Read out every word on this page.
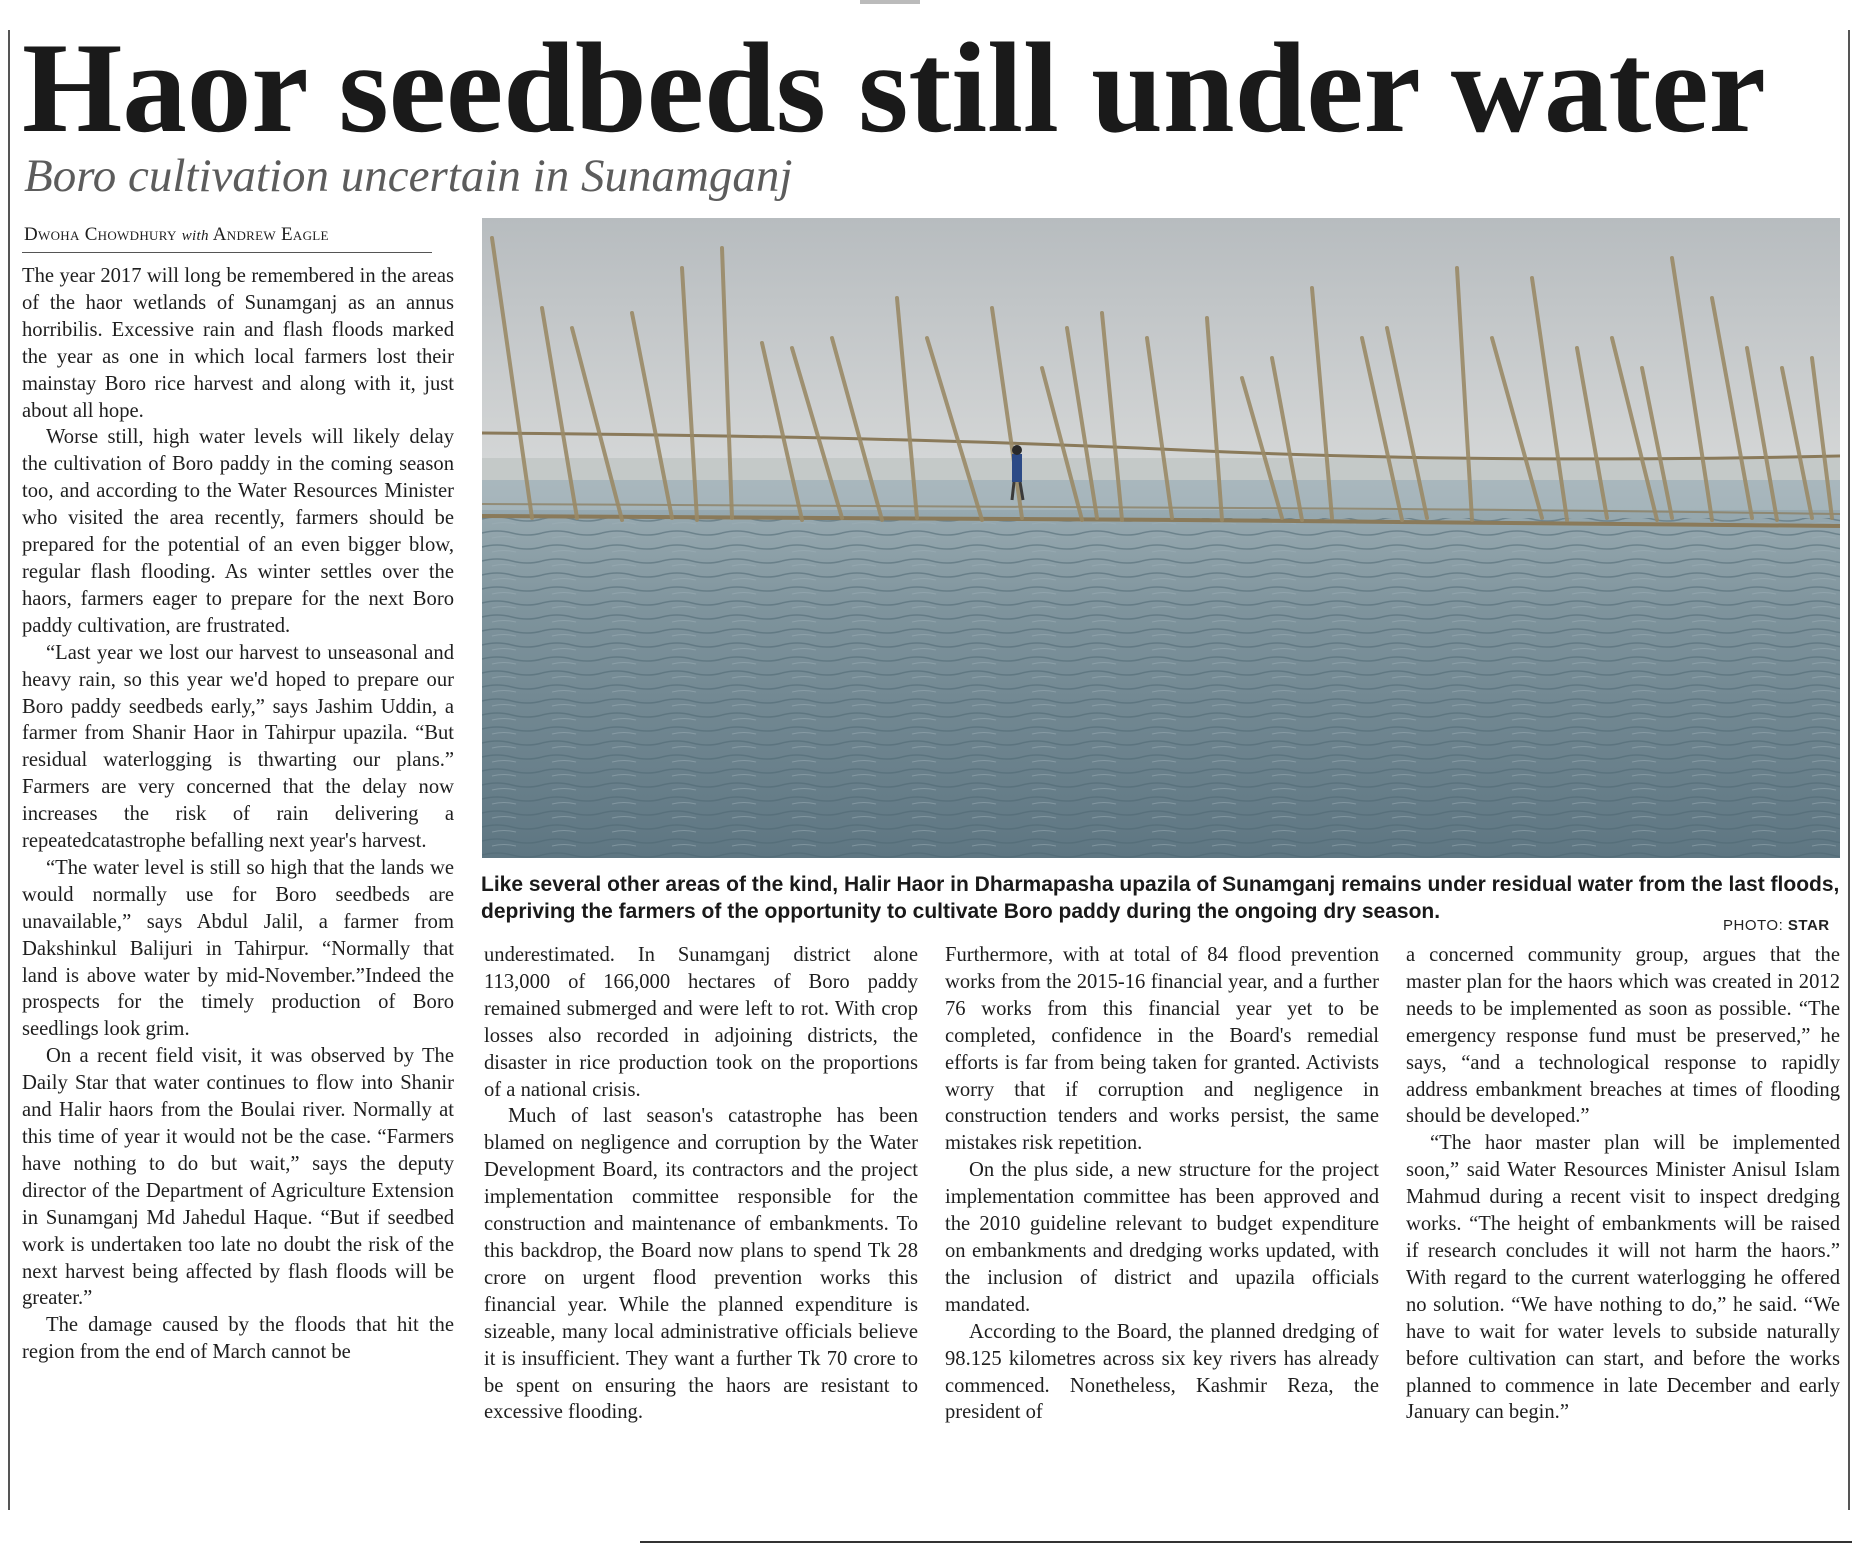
Haor seedbeds still under water
Boro cultivation uncertain in Sunamganj
Dwoha Chowdhury with Andrew Eagle

The year 2017 will long be remembered in the areas of the haor wetlands of Sunamganj as an annus horribilis. Excessive rain and flash floods marked the year as one in which local farmers lost their mainstay Boro rice harvest and along with it, just about all hope.

Worse still, high water levels will likely delay the cultivation of Boro paddy in the coming season too, and according to the Water Resources Minister who visited the area recently, farmers should be prepared for the potential of an even bigger blow, regular flash flooding. As winter settles over the haors, farmers eager to prepare for the next Boro paddy cultivation, are frustrated.

“Last year we lost our harvest to unseasonal and heavy rain, so this year we'd hoped to prepare our Boro paddy seedbeds early,” says Jashim Uddin, a farmer from Shanir Haor in Tahirpur upazila. “But residual waterlogging is thwarting our plans.” Farmers are very concerned that the delay now increases the risk of rain delivering a repeatedcatastrophe befalling next year's harvest.

“The water level is still so high that the lands we would normally use for Boro seedbeds are unavailable,” says Abdul Jalil, a farmer from Dakshinkul Balijuri in Tahirpur. “Normally that land is above water by mid-November.”Indeed the prospects for the timely production of Boro seedlings look grim.

On a recent field visit, it was observed by The Daily Star that water continues to flow into Shanir and Halir haors from the Boulai river. Normally at this time of year it would not be the case. “Farmers have nothing to do but wait,” says the deputy director of the Department of Agriculture Extension in Sunamganj Md Jahedul Haque. “But if seedbed work is undertaken too late no doubt the risk of the next harvest being affected by flash floods will be greater.”

The damage caused by the floods that hit the region from the end of March cannot be

Like several other areas of the kind, Halir Haor in Dharmapasha upazila of Sunamganj remains under residual water from the last floods, depriving the farmers of the opportunity to cultivate Boro paddy during the ongoing dry season.
PHOTO: STAR

underestimated. In Sunamganj district alone 113,000 of 166,000 hectares of Boro paddy remained submerged and were left to rot. With crop losses also recorded in adjoining districts, the disaster in rice production took on the proportions of a national crisis.

Much of last season's catastrophe has been blamed on negligence and corruption by the Water Development Board, its contractors and the project implementation committee responsible for the construction and maintenance of embankments. To this backdrop, the Board now plans to spend Tk 28 crore on urgent flood prevention works this financial year. While the planned expenditure is sizeable, many local administrative officials believe it is insufficient. They want a further Tk 70 crore to be spent on ensuring the haors are resistant to excessive flooding.

Furthermore, with at total of 84 flood prevention works from the 2015-16 financial year, and a further 76 works from this financial year yet to be completed, confidence in the Board's remedial efforts is far from being taken for granted. Activists worry that if corruption and negligence in construction tenders and works persist, the same mistakes risk repetition.

On the plus side, a new structure for the project implementation committee has been approved and the 2010 guideline relevant to budget expenditure on embankments and dredging works updated, with the inclusion of district and upazila officials mandated.

According to the Board, the planned dredging of 98.125 kilometres across six key rivers has already commenced. Nonetheless, Kashmir Reza, the president of

a concerned community group, argues that the master plan for the haors which was created in 2012 needs to be implemented as soon as possible. “The emergency response fund must be preserved,” he says, “and a technological response to rapidly address embankment breaches at times of flooding should be developed.”

“The haor master plan will be implemented soon,” said Water Resources Minister Anisul Islam Mahmud during a recent visit to inspect dredging works. “The height of embankments will be raised if research concludes it will not harm the haors.” With regard to the current waterlogging he offered no solution. “We have nothing to do,” he said. “We have to wait for water levels to subside naturally before cultivation can start, and before the works planned to commence in late December and early January can begin.”
